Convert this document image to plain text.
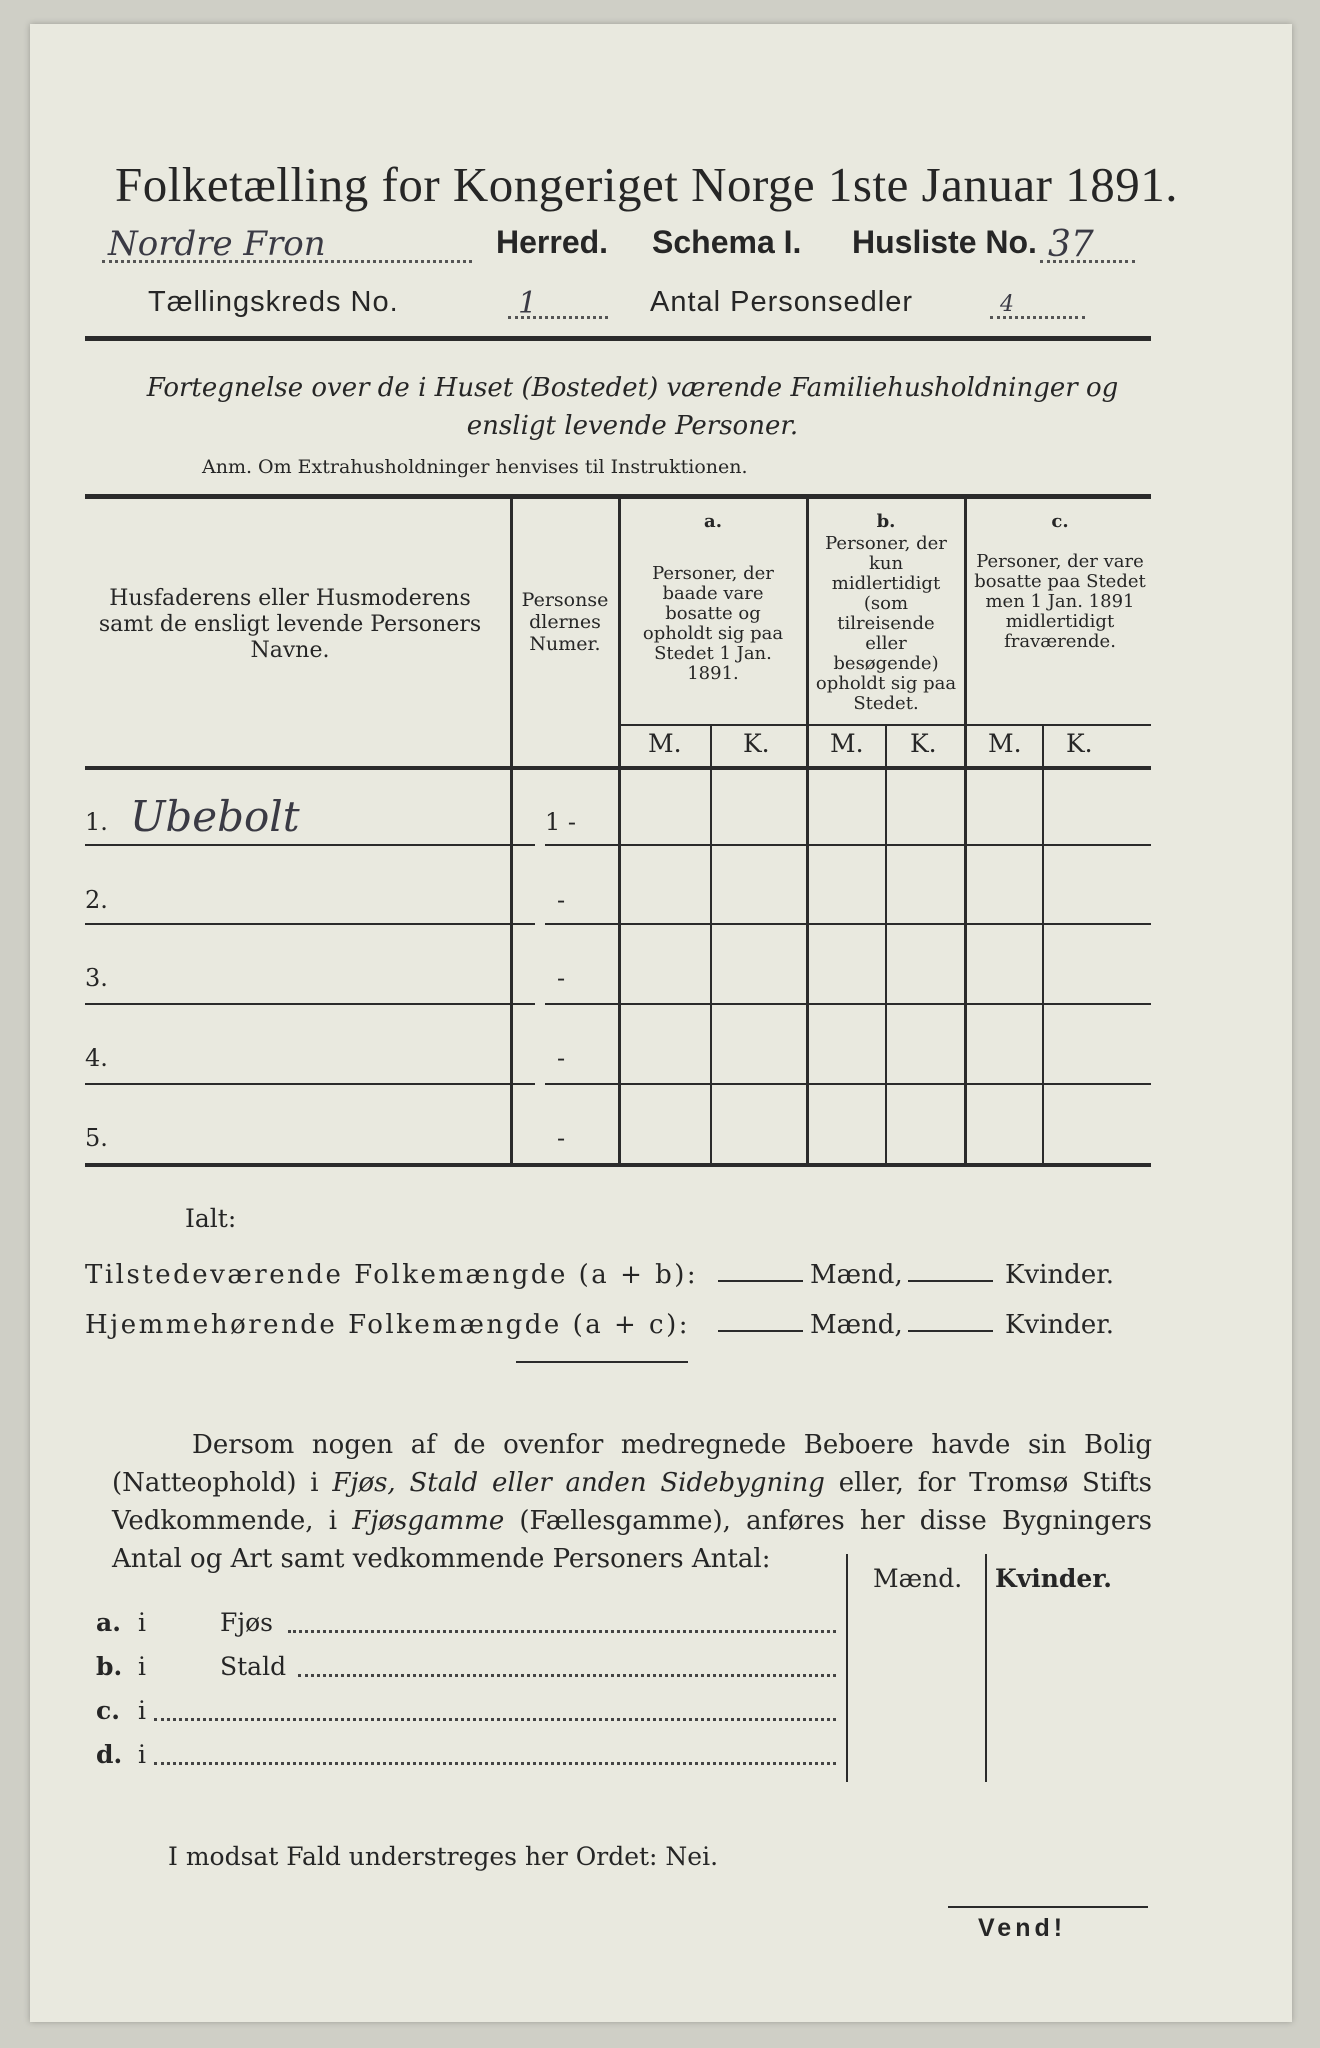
Folketælling for Kongeriget Norge 1ste Januar 1891.
Nordre Fron	Herred. Schema I. Husliste No. 37
Tællingskreds No.	1	Antal Personsedler	4
Fortegnelse over de i Huset (Bostedet) værende Familiehusholdninger og ensligt levende Personer.
Anm. Om Extrahusholdninger henvises til Instruktionen.
Husfaderens eller Husmoderens samt de ensligt levende Personers Navne.
Personsedlernes Numer.
a.
Personer, der baade vare bosatte og opholdt sig paa Stedet 1 Jan. 1891.
b.
Personer, der kun midlertidigt (som tilreisende eller besøgende) opholdt sig paa Stedet.
c.
Personer, der vare bosatte paa Stedet men 1 Jan. 1891 midlertidigt fraværende.
M. K. M. K. M. K.
1. Ubebolt	1 -
2.	-
3.	-
4.	-
5.	-
Ialt:
Tilstedeværende Folkemængde (a + b):	Mænd,	Kvinder.
Hjemmehørende Folkemængde (a + c):	Mænd,	Kvinder.
Dersom nogen af de ovenfor medregnede Beboere havde sin Bolig (Natteophold) i Fjøs, Stald eller anden Sidebygning eller, for Tromsø Stifts Vedkommende, i Fjøsgamme (Fællesgamme), anføres her disse Bygningers Antal og Art samt vedkommende Personers Antal:
Mænd. Kvinder.
a. i	Fjøs
b. i	Stald
c. i
d. i
I modsat Fald understreges her Ordet: Nei.
Vend!
